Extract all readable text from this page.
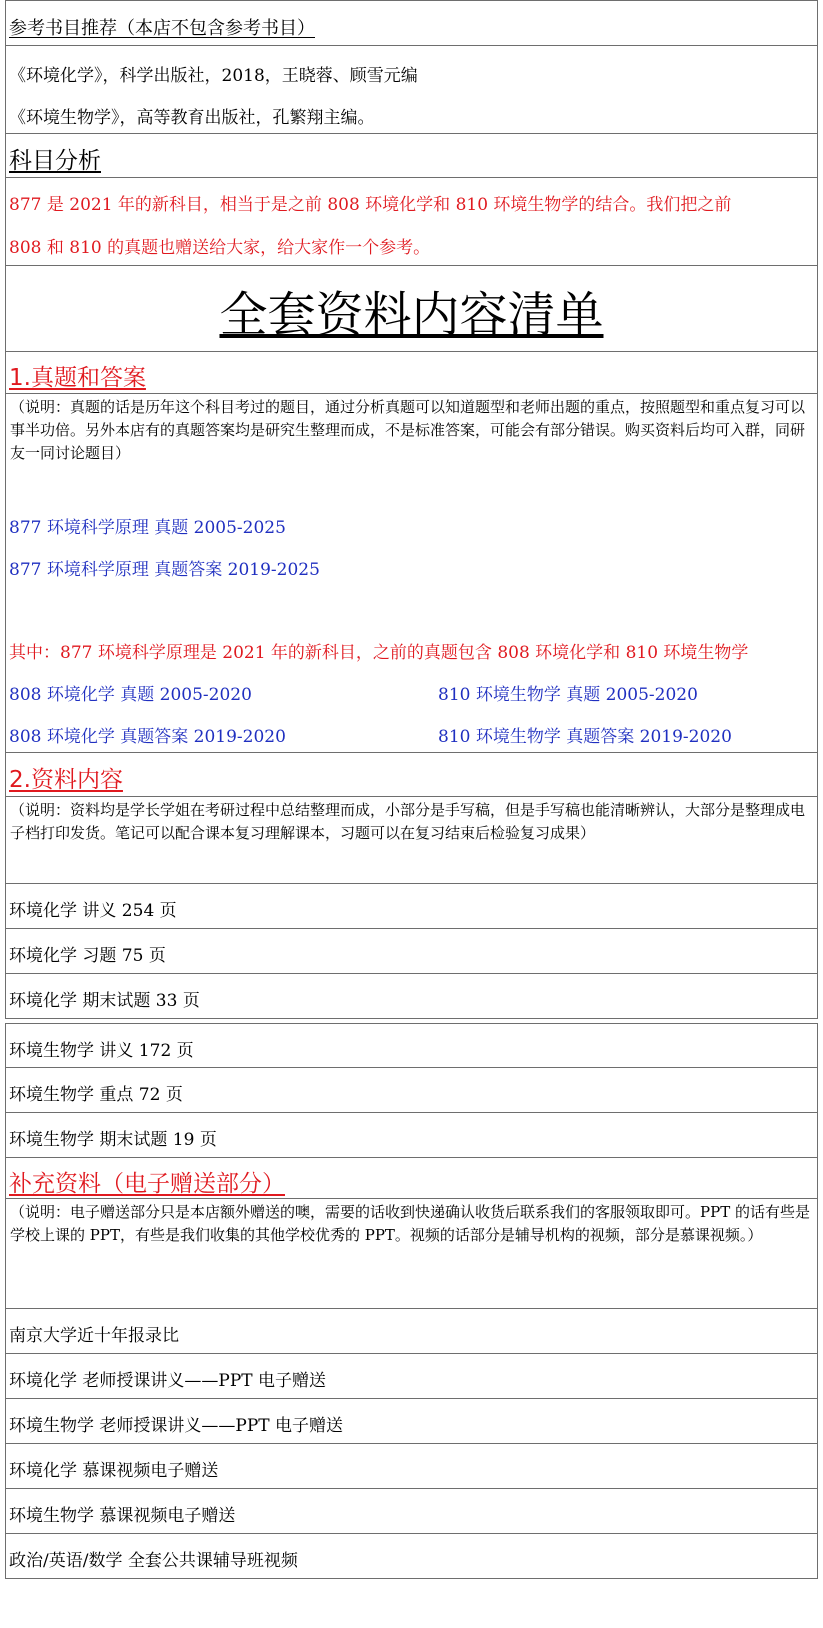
参考书目推荐（本店不包含参考书目）
《环境化学》，科学出版社，2018，王晓蓉、顾雪元编
《环境生物学》，高等教育出版社，孔繁翔主编。
科目分析
877 是 2021 年的新科目，相当于是之前 808 环境化学和 810 环境生物学的结合。我们把之前
808 和 810 的真题也赠送给大家，给大家作一个参考。
全套资料内容清单
1.真题和答案
（说明：真题的话是历年这个科目考过的题目，通过分析真题可以知道题型和老师出题的重点，按照题型和重点复习可以事半功倍。另外本店有的真题答案均是研究生整理而成，不是标准答案，可能会有部分错误。购买资料后均可入群，同研友一同讨论题目）
877 环境科学原理 真题 2005-2025
877 环境科学原理 真题答案 2019-2025
其中：877 环境科学原理是 2021 年的新科目，之前的真题包含 808 环境化学和 810 环境生物学
808 环境化学 真题 2005-2020
808 环境化学 真题答案 2019-2020
810 环境生物学 真题 2005-2020
810 环境生物学 真题答案 2019-2020
2.资料内容
（说明：资料均是学长学姐在考研过程中总结整理而成，小部分是手写稿，但是手写稿也能清晰辨认，大部分是整理成电子档打印发货。笔记可以配合课本复习理解课本，习题可以在复习结束后检验复习成果）
环境化学 讲义 254 页
环境化学 习题 75 页
环境化学 期末试题 33 页
环境生物学 讲义 172 页
环境生物学 重点 72 页
环境生物学 期末试题 19 页
补充资料（电子赠送部分）
（说明：电子赠送部分只是本店额外赠送的噢，需要的话收到快递确认收货后联系我们的客服领取即可。PPT 的话有些是学校上课的 PPT，有些是我们收集的其他学校优秀的 PPT。视频的话部分是辅导机构的视频，部分是慕课视频。）
南京大学近十年报录比
环境化学 老师授课讲义——PPT 电子赠送
环境生物学 老师授课讲义——PPT 电子赠送
环境化学 慕课视频电子赠送
环境生物学 慕课视频电子赠送
政治/英语/数学 全套公共课辅导班视频
